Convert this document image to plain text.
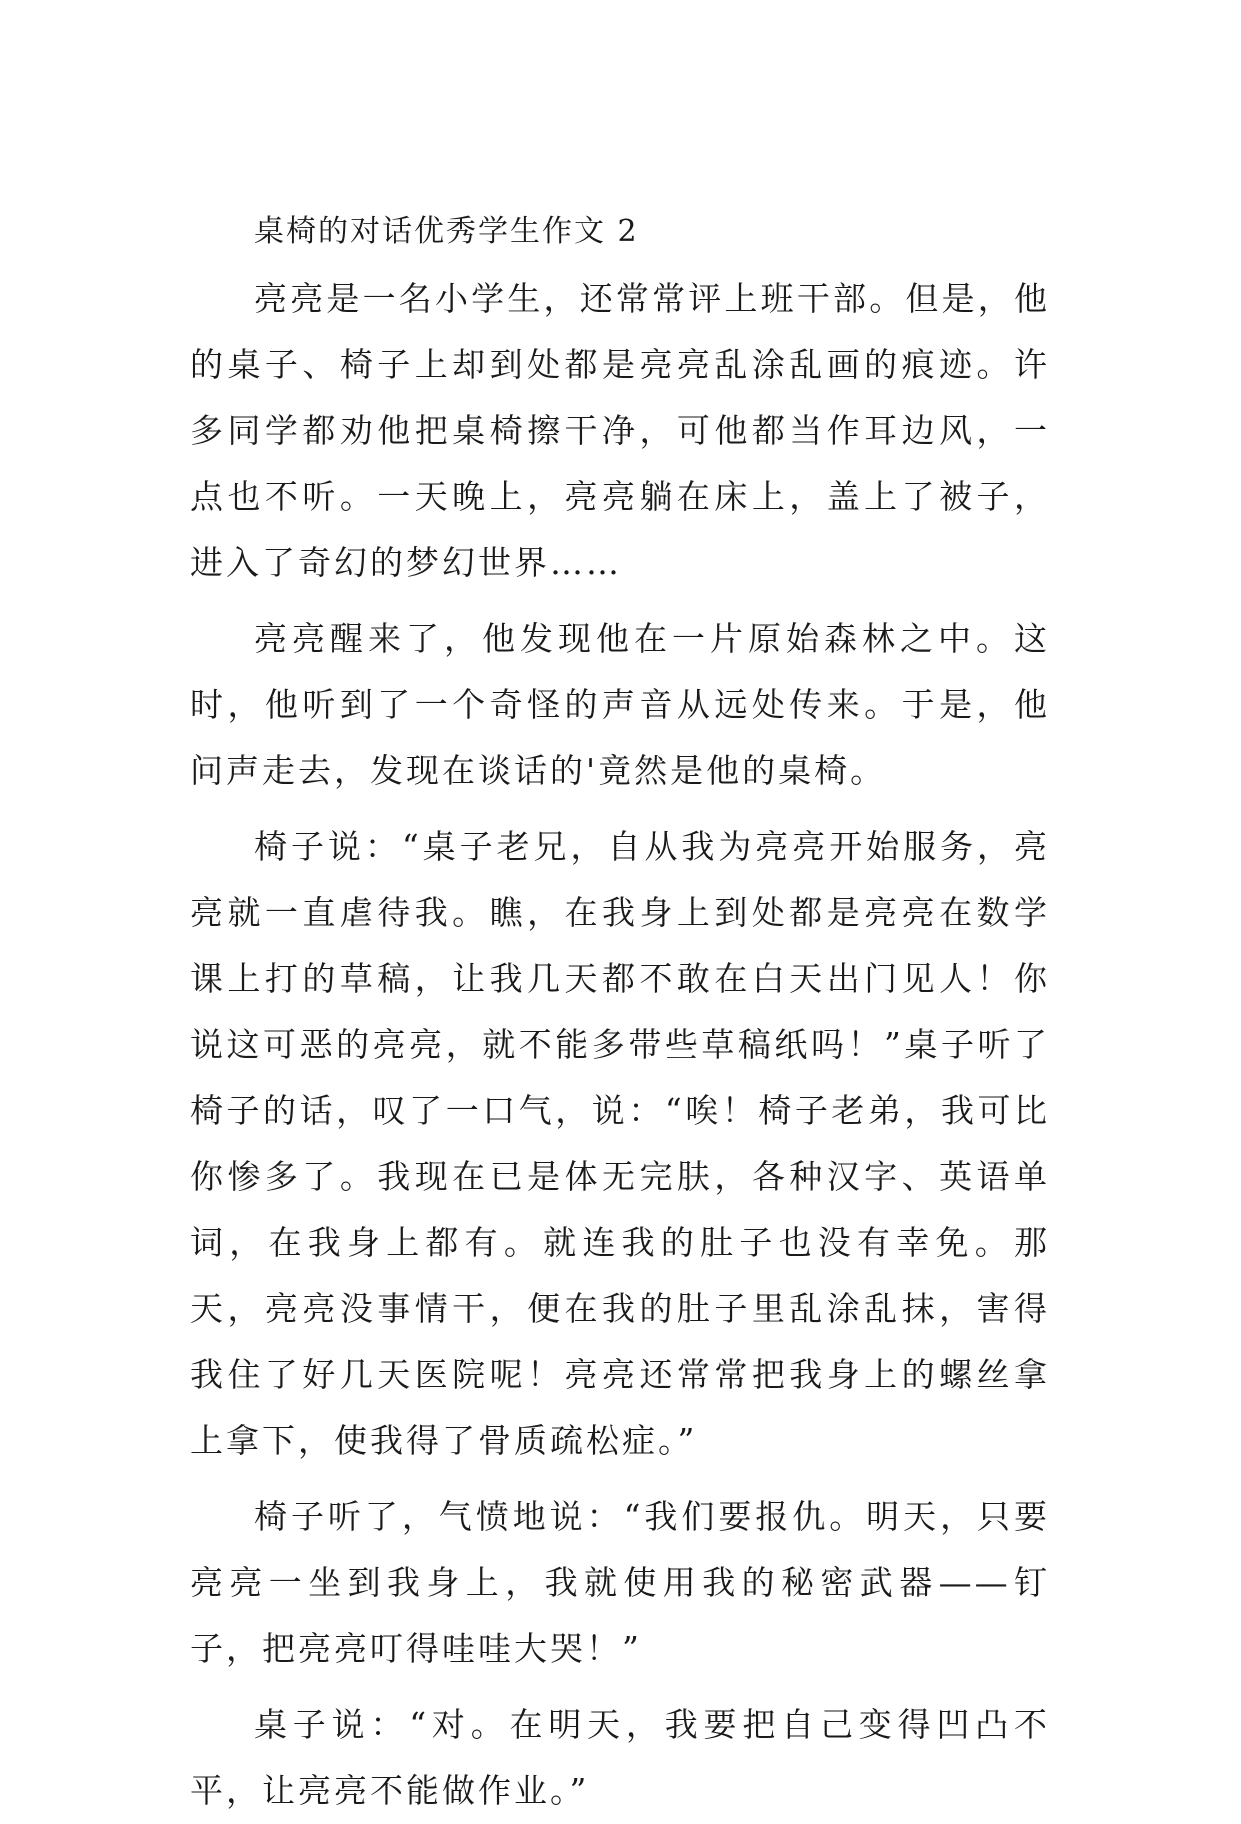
桌椅的对话优秀学生作文 2

亮亮是一名小学生，还常常评上班干部。但是，他的桌子、椅子上却到处都是亮亮乱涂乱画的痕迹。许多同学都劝他把桌椅擦干净，可他都当作耳边风，一点也不听。一天晚上，亮亮躺在床上，盖上了被子，进入了奇幻的梦幻世界……

亮亮醒来了，他发现他在一片原始森林之中。这时，他听到了一个奇怪的声音从远处传来。于是，他问声走去，发现在谈话的'竟然是他的桌椅。

椅子说：“桌子老兄，自从我为亮亮开始服务，亮亮就一直虐待我。瞧，在我身上到处都是亮亮在数学课上打的草稿，让我几天都不敢在白天出门见人！你说这可恶的亮亮，就不能多带些草稿纸吗！”桌子听了椅子的话，叹了一口气，说：“唉！椅子老弟，我可比你惨多了。我现在已是体无完肤，各种汉字、英语单词，在我身上都有。就连我的肚子也没有幸免。那天，亮亮没事情干，便在我的肚子里乱涂乱抹，害得我住了好几天医院呢！亮亮还常常把我身上的螺丝拿上拿下，使我得了骨质疏松症。”

椅子听了，气愤地说：“我们要报仇。明天，只要亮亮一坐到我身上，我就使用我的秘密武器——钉子，把亮亮叮得哇哇大哭！”

桌子说：“对。在明天，我要把自己变得凹凸不平，让亮亮不能做作业。”
